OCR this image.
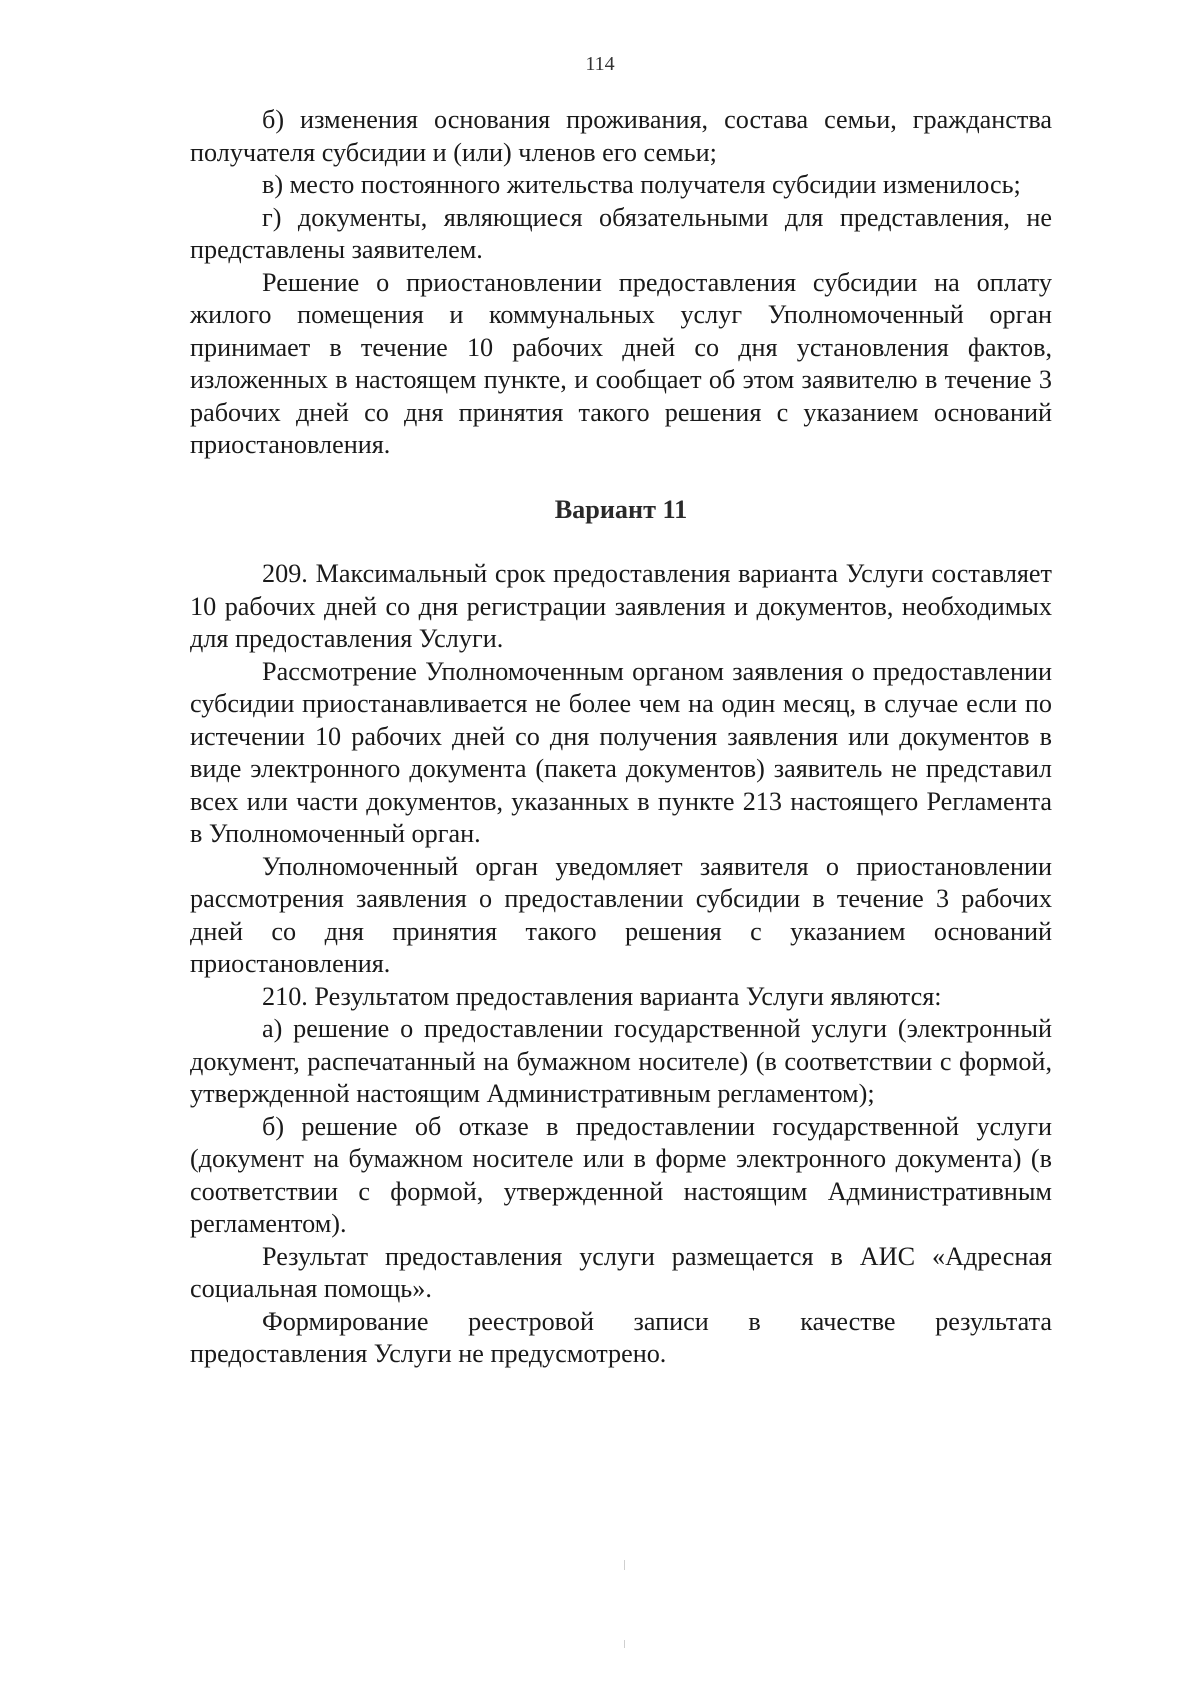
114

б) изменения основания проживания, состава семьи, гражданства получателя субсидии и (или) членов его семьи;

в) место постоянного жительства получателя субсидии изменилось;

г) документы, являющиеся обязательными для представления, не представлены заявителем.

Решение о приостановлении предоставления субсидии на оплату жилого помещения и коммунальных услуг Уполномоченный орган принимает в течение 10 рабочих дней со дня установления фактов, изложенных в настоящем пункте, и сообщает об этом заявителю в течение 3 рабочих дней со дня принятия такого решения с указанием оснований приостановления.

Вариант 11

209. Максимальный срок предоставления варианта Услуги составляет 10 рабочих дней со дня регистрации заявления и документов, необходимых для предоставления Услуги.

Рассмотрение Уполномоченным органом заявления о предоставлении субсидии приостанавливается не более чем на один месяц, в случае если по истечении 10 рабочих дней со дня получения заявления или документов в виде электронного документа (пакета документов) заявитель не представил всех или части документов, указанных в пункте 213 настоящего Регламента в Уполномоченный орган.

Уполномоченный орган уведомляет заявителя о приостановлении рассмотрения заявления о предоставлении субсидии в течение 3 рабочих дней со дня принятия такого решения с указанием оснований приостановления.

210. Результатом предоставления варианта Услуги являются:

а) решение о предоставлении государственной услуги (электронный документ, распечатанный на бумажном носителе) (в соответствии с формой, утвержденной настоящим Административным регламентом);

б) решение об отказе в предоставлении государственной услуги (документ на бумажном носителе или в форме электронного документа) (в соответствии с формой, утвержденной настоящим Административным регламентом).

Результат предоставления услуги размещается в АИС «Адресная социальная помощь».

Формирование реестровой записи в качестве результата предоставления Услуги не предусмотрено.
